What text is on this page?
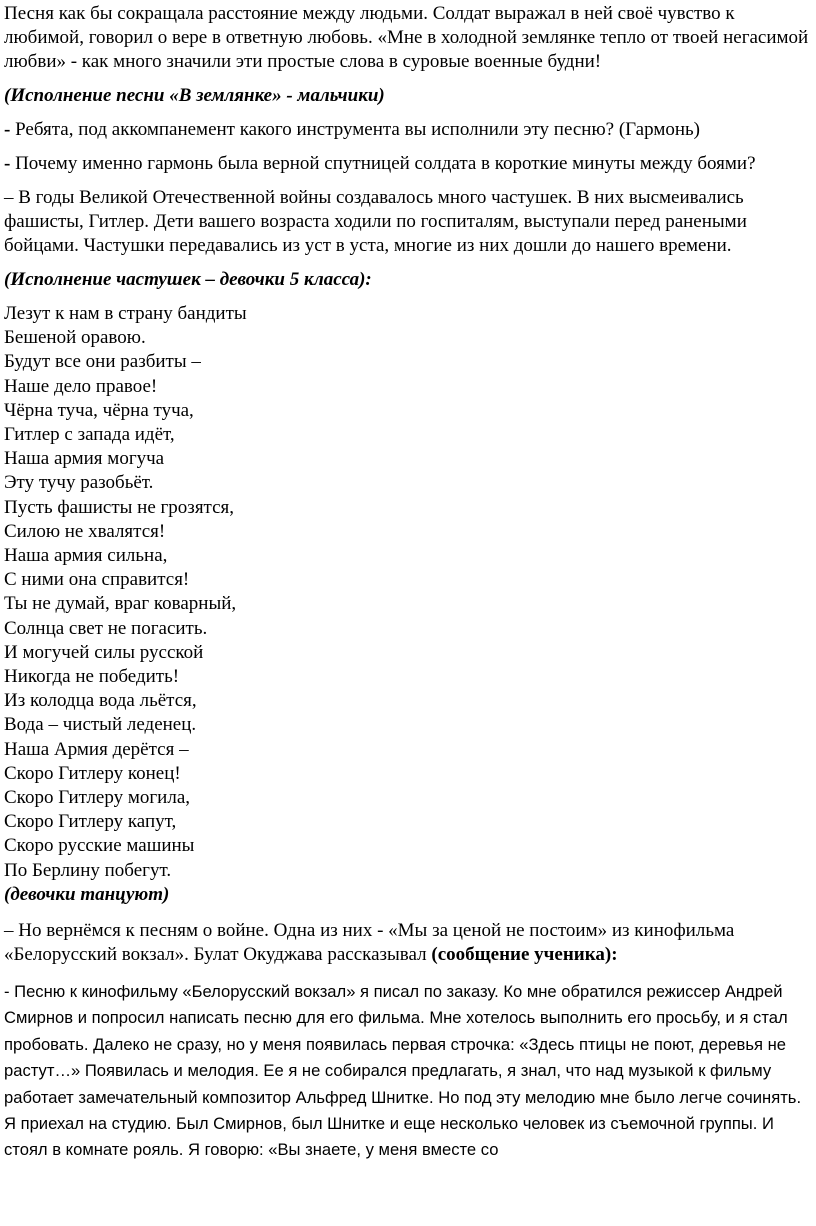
Песня как бы сокращала расстояние между людьми. Солдат выражал в ней своё чувство к любимой, говорил о вере в ответную любовь. «Мне в холодной землянке тепло от твоей негасимой любви» - как много значили эти простые слова в суровые военные будни!

(Исполнение песни «В землянке» - мальчики)

- Ребята, под аккомпанемент какого инструмента вы исполнили эту песню? (Гармонь)

- Почему именно гармонь была верной спутницей солдата в короткие минуты между боями?

– В годы Великой Отечественной войны создавалось много частушек. В них высмеивались фашисты, Гитлер. Дети вашего возраста ходили по госпиталям, выступали перед ранеными бойцами. Частушки передавались из уст в уста, многие из них дошли до нашего времени.

(Исполнение частушек – девочки 5 класса):

Лезут к нам в страну бандиты
Бешеной оравою.
Будут все они разбиты –
Наше дело правое!
Чёрна туча, чёрна туча,
Гитлер с запада идёт,
Наша армия могуча
Эту тучу разобьёт.
Пусть фашисты не грозятся,
Силою не хвалятся!
Наша армия сильна,
С ними она справится!
Ты не думай, враг коварный,
Солнца свет не погасить.
И могучей силы русской
Никогда не победить!
Из колодца вода льётся,
Вода – чистый леденец.
Наша Армия дерётся –
Скоро Гитлеру конец!
Скоро Гитлеру могила,
Скоро Гитлеру капут,
Скоро русские машины
По Берлину побегут.

(девочки танцуют)

– Но вернёмся к песням о войне. Одна из них - «Мы за ценой не постоим» из кинофильма «Белорусский вокзал». Булат Окуджава рассказывал (сообщение ученика):

- Песню к кинофильму «Белорусский вокзал» я писал по заказу. Ко мне обратился режиссер Андрей Смирнов и попросил написать песню для его фильма. Мне хотелось выполнить его просьбу, и я стал пробовать. Далеко не сразу, но у меня появилась первая строчка: «Здесь птицы не поют, деревья не растут…» Появилась и мелодия. Ее я не собирался предлагать, я знал, что над музыкой к фильму работает замечательный композитор Альфред Шнитке. Но под эту мелодию мне было легче сочинять. Я приехал на студию. Был Смирнов, был Шнитке и еще несколько человек из съемочной группы. И стоял в комнате рояль. Я говорю: «Вы знаете, у меня вместе со
